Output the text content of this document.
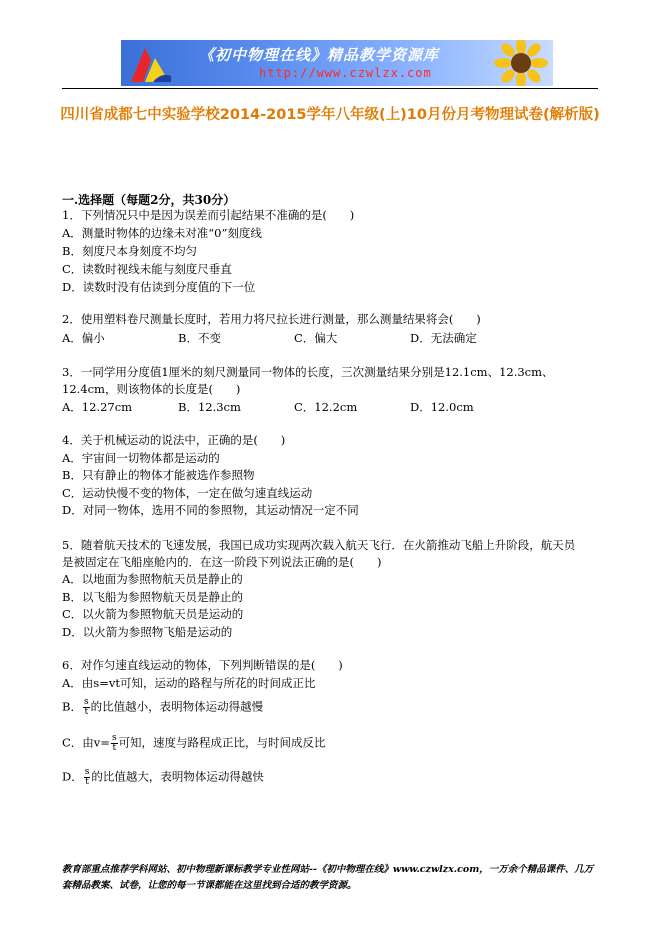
《初中物理在线》精品教学资源库
http://www.czwlzx.com
四川省成都七中实验学校2014-2015学年八年级(上)10月份月考物理试卷(解析版)
一.选择题（每题2分，共30分）
1．下列情况只中是因为误差而引起结果不准确的是(　　)
A．测量时物体的边缘未对准“0”刻度线
B．刻度尺本身刻度不均匀
C．读数时视线未能与刻度尺垂直
D．读数时没有估读到分度值的下一位
2．使用塑料卷尺测量长度时，若用力将尺拉长进行测量，那么测量结果将会(　　)
A．偏小	B．不变	C．偏大	D．无法确定
3．一同学用分度值1厘米的刻尺测量同一物体的长度，三次测量结果分别是12.1cm、12.3cm、
12.4cm，则该物体的长度是(　　)
A．12.27cm	B．12.3cm	C．12.2cm	D．12.0cm
4．关于机械运动的说法中，正确的是(　　)
A．宇宙间一切物体都是运动的
B．只有静止的物体才能被选作参照物
C．运动快慢不变的物体，一定在做匀速直线运动
D．对同一物体，选用不同的参照物，其运动情况一定不同
5．随着航天技术的飞速发展，我国已成功实现两次载入航天飞行．在火箭推动飞船上升阶段，航天员
是被固定在飞船座舱内的．在这一阶段下列说法正确的是(　　)
A．以地面为参照物航天员是静止的
B．以飞船为参照物航天员是静止的
C．以火箭为参照物航天员是运动的
D．以火箭为参照物飞船是运动的
6．对作匀速直线运动的物体，下列判断错误的是(　　)
A．由s=vt可知，运动的路程与所花的时间成正比
B． $\frac{s}{t}$ 的比值越小，表明物体运动得越慢
C．由$v= \frac{s}{t}$ 可知，速度与路程成正比，与时间成反比
D． $\frac{s}{t}$ 的比值越大，表明物体运动得越快
教育部重点推荐学科网站、初中物理新课标教学专业性网站--《初中物理在线》www.czwlzx.com，一万余个精品课件、几万套精品教案、试卷，让您的每一节课都能在这里找到合适的教学资源。
